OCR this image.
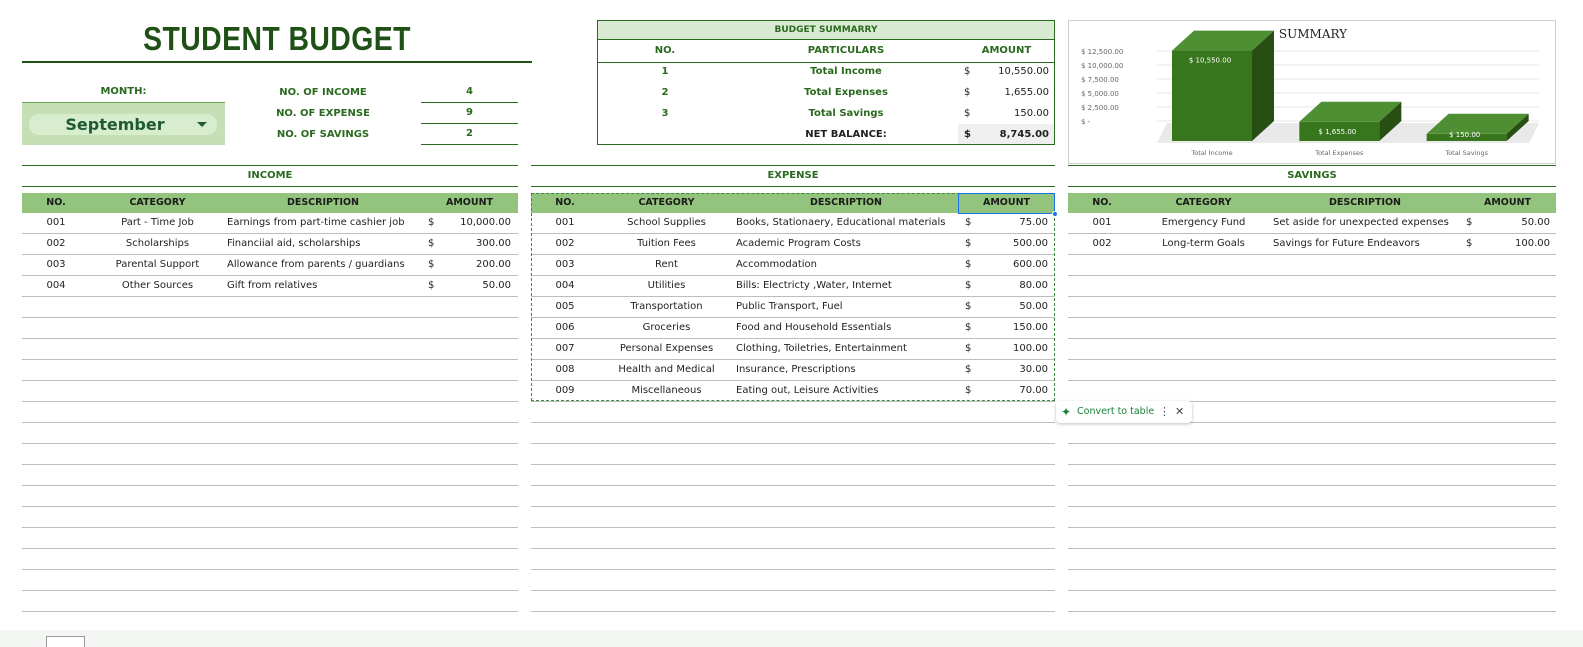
STUDENT BUDGET
MONTH:
September
NO. OF INCOME	4
NO. OF EXPENSE	9
NO. OF SAVINGS	2
BUDGET SUMMARRY
NO.	PARTICULARS	AMOUNT
1	Total Income	$	10,550.00
2	Total Expenses	$	1,655.00
3	Total Savings	$	150.00
NET BALANCE:	$	8,745.00
SUMMARY
$ 12,500.00
$ 10,000.00
$ 7,500.00
$ 5,000.00
$ 2,500.00
$ -
$ 10,550.00
Total Income
$ 1,655.00
Total Expenses
$ 150.00
Total Savings
INCOME	EXPENSE	SAVINGS
NO.	CATEGORY	DESCRIPTION	AMOUNT
001	Part - Time Job	Earnings from part-time cashier job	$	10,000.00
002	Scholarships	Financiial aid, scholarships	$	300.00
003	Parental Support	Allowance from parents / guardians	$	200.00
004	Other Sources	Gift from relatives	$	50.00
NO.	CATEGORY	DESCRIPTION	AMOUNT
001	School Supplies	Books, Stationaery, Educational materials	$	75.00
002	Tuition Fees	Academic Program Costs	$	500.00
003	Rent	Accommodation	$	600.00
004	Utilities	Bills: Electricty ,Water, Internet	$	80.00
005	Transportation	Public Transport, Fuel	$	50.00
006	Groceries	Food and Household Essentials	$	150.00
007	Personal Expenses	Clothing, Toiletries, Entertainment	$	100.00
008	Health and Medical	Insurance, Prescriptions	$	30.00
009	Miscellaneous	Eating out, Leisure Activities	$	70.00
NO.	CATEGORY	DESCRIPTION	AMOUNT
001	Emergency Fund	Set aside for unexpected expenses	$	50.00
002	Long-term Goals	Savings for Future Endeavors	$	100.00
✦ Convert to table ⋮ ✕
